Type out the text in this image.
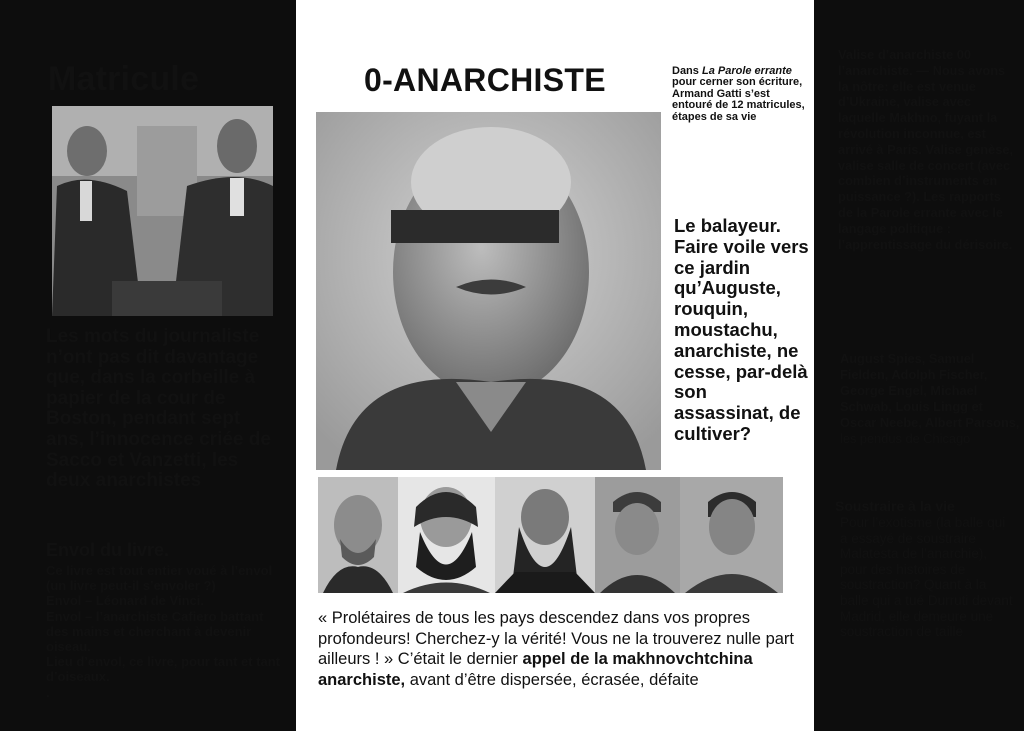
Matricule
Les mots du journaliste n’ont pas dit davantage que, dans la corbeille à papier de la cour de Boston, pendant sept ans, l’innocence criée de Sacco et Vanzetti, les deux anarchistes
Envol du livre.

Ce livre est tout entier voué à l’envol (un livre peut-il s’envoler ?)

Envol – Léonard de Vinci.

Envol – l’anarchiste Cafiero battant des mains et cherchant à devenir oiseau.

Lieu d’envol, ce livre, pour tant et tant d’oiseaux.

.

0-ANARCHISTE	Dans La Parole errante pour cerner son écriture, Armand Gatti s’est entouré de 12 matricules, étapes de sa vie
Le balayeur. Faire voile vers ce jardin qu’Auguste, rouquin, moustachu, anarchiste, ne cesse, par-delà son assassinat, de cultiver?
« Prolétaires de tous les pays descendez dans vos propres profondeurs! Cherchez-y la vérité! Vous ne la trouverez nulle part ailleurs ! » C’était le dernier appel de la makhnovchtchina anarchiste, avant d’être dispersée, écrasée, défaite
Valise d’anarchiste 00 l’anarchiste. — Nous avons la nôtre: elle est venue d’Ukraine, valise avec laquelle Makhno, fuyant la révolution inconnue, est arrivé à Paris. Valise genèse, valise salle de concert (avec combien d’instruments en puissance ?). Les rapports de la Parole errante avec le langage politique : l’apprentissage du dérisoire.
August Spies, Samuel Fielden, Adolph Fischer, George Engel, Michael Schwab, Louis Lingg et Oscar Neebe, Albert Parsons, les pendus de Chicago
Soustraire à la vie
Pour l’exotisme (la balle qui a essayé de soustraire Malatesta de l’anarchie), pour des histoires de soustraction? Quant à la balle qui a tué Durruti devant Madrid, elle demeure une soustraction de taille
